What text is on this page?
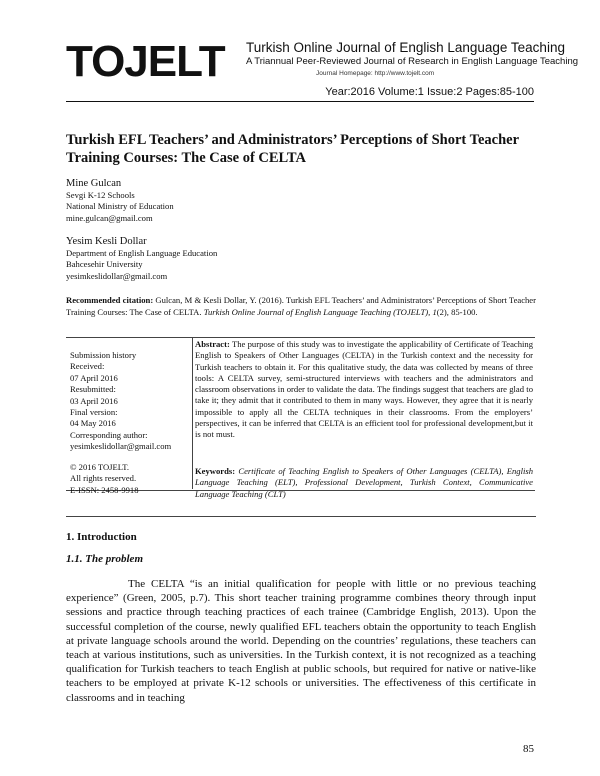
TOJELT Turkish Online Journal of English Language Teaching
A Triannual Peer-Reviewed Journal of Research in English Language Teaching
Journal Homepage: http://www.tojelt.com
Year:2016 Volume:1 Issue:2 Pages:85-100
Turkish EFL Teachers’ and Administrators’ Perceptions of Short Teacher Training Courses: The Case of CELTA
Mine Gulcan
Sevgi K-12 Schools
National Ministry of Education
mine.gulcan@gmail.com
Yesim Kesli Dollar
Department of English Language Education
Bahcesehir University
yesimkeslidollar@gmail.com
Recommended citation: Gulcan, M & Kesli Dollar, Y. (2016). Turkish EFL Teachers’ and Administrators’ Perceptions of Short Teacher Training Courses: The Case of CELTA. Turkish Online Journal of English Language Teaching (TOJELT), 1(2), 85-100.
Submission history
Received:
07 April 2016
Resubmitted:
03 April 2016
Final version:
04 May 2016
Corresponding author:
yesimkeslidollar@gmail.com
© 2016 TOJELT.
All rights reserved.
E-ISSN: 2458-9918
Abstract: The purpose of this study was to investigate the applicability of Certificate of Teaching English to Speakers of Other Languages (CELTA) in the Turkish context and the necessity for Turkish teachers to obtain it. For this qualitative study, the data was collected by means of three tools: A CELTA survey, semi-structured interviews with teachers and the administrators and classroom observations in order to validate the data. The findings suggest that teachers are glad to take it; they admit that it contributed to them in many ways. However, they agree that it is nearly impossible to apply all the CELTA techniques in their classrooms. From the employers’ perspectives, it can be inferred that CELTA is an efficient tool for professional development,but it is not must.
Keywords: Certificate of Teaching English to Speakers of Other Languages (CELTA), English Language Teaching (ELT), Professional Development, Turkish Context, Communicative Language Teaching (CLT)
1. Introduction
1.1. The problem
The CELTA “is an initial qualification for people with little or no previous teaching experience” (Green, 2005, p.7). This short teacher training programme combines theory through input sessions and practice through teaching practices of each trainee (Cambridge English, 2013). Upon the successful completion of the course, newly qualified EFL teachers obtain the opportunity to teach English at private language schools around the world. Depending on the countries’ regulations, these teachers can teach at various institutions, such as universities. In the Turkish context, it is not recognized as a teaching qualification for Turkish teachers to teach English at public schools, but required for native or native-like teachers to be employed at private K-12 schools or universities. The effectiveness of this certificate in classrooms and in teaching
85
